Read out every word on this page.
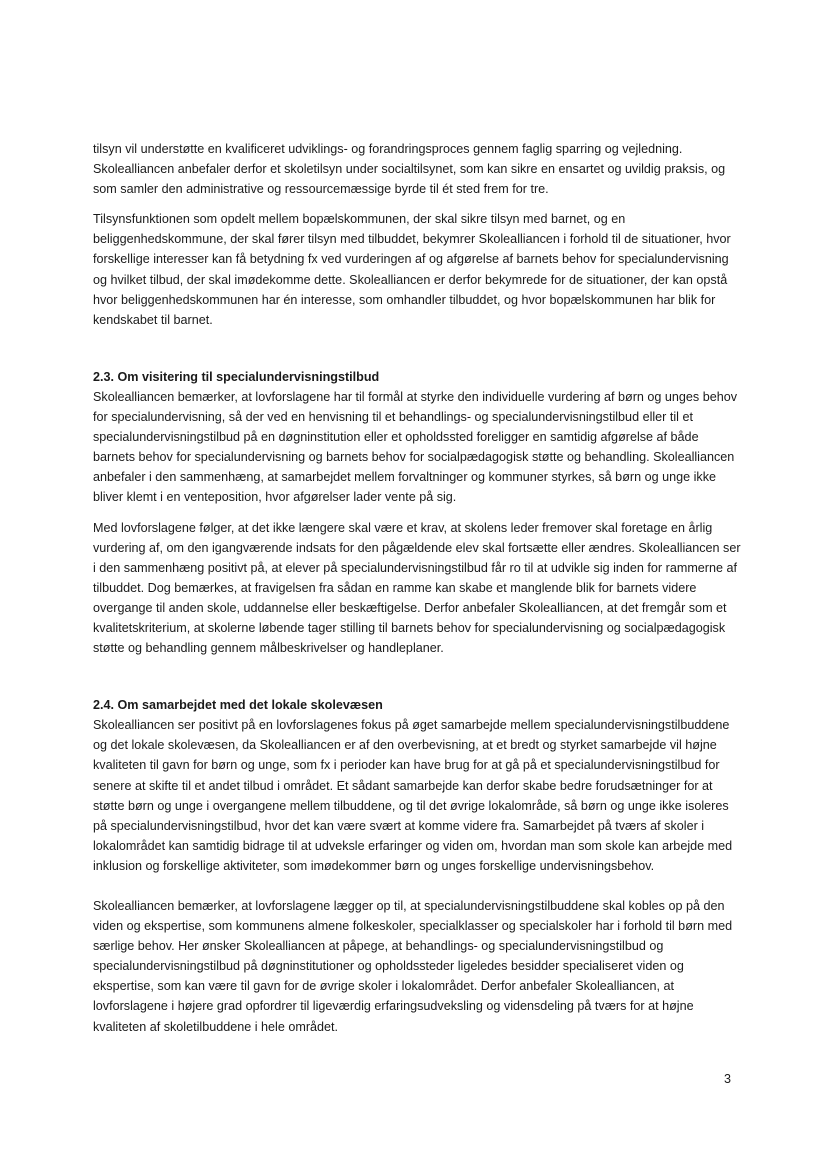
tilsyn vil understøtte en kvalificeret udviklings- og forandringsproces gennem faglig sparring og vejledning. Skolealliancen anbefaler derfor et skoletilsyn under socialtilsynet, som kan sikre en ensartet og uvildig praksis, og som samler den administrative og ressourcemæssige byrde til ét sted frem for tre.

Tilsynsfunktionen som opdelt mellem bopælskommunen, der skal sikre tilsyn med barnet, og en beliggenhedskommune, der skal fører tilsyn med tilbuddet, bekymrer Skolealliancen i forhold til de situationer, hvor forskellige interesser kan få betydning fx ved vurderingen af og afgørelse af barnets behov for specialundervisning og hvilket tilbud, der skal imødekomme dette. Skolealliancen er derfor bekymrede for de situationer, der kan opstå hvor beliggenhedskommunen har én interesse, som omhandler tilbuddet, og hvor bopælskommunen har blik for kendskabet til barnet.

2.3. Om visitering til specialundervisningstilbud

Skolealliancen bemærker, at lovforslagene har til formål at styrke den individuelle vurdering af børn og unges behov for specialundervisning, så der ved en henvisning til et behandlings- og specialundervisningstilbud eller til et specialundervisningstilbud på en døgninstitution eller et opholdssted foreligger en samtidig afgørelse af både barnets behov for specialundervisning og barnets behov for socialpædagogisk støtte og behandling. Skolealliancen anbefaler i den sammenhæng, at samarbejdet mellem forvaltninger og kommuner styrkes, så børn og unge ikke bliver klemt i en venteposition, hvor afgørelser lader vente på sig.

Med lovforslagene følger, at det ikke længere skal være et krav, at skolens leder fremover skal foretage en årlig vurdering af, om den igangværende indsats for den pågældende elev skal fortsætte eller ændres. Skolealliancen ser i den sammenhæng positivt på, at elever på specialundervisningstilbud får ro til at udvikle sig inden for rammerne af tilbuddet. Dog bemærkes, at fravigelsen fra sådan en ramme kan skabe et manglende blik for barnets videre overgange til anden skole, uddannelse eller beskæftigelse. Derfor anbefaler Skolealliancen, at det fremgår som et kvalitetskriterium, at skolerne løbende tager stilling til barnets behov for specialundervisning og socialpædagogisk støtte og behandling gennem målbeskrivelser og handleplaner.

2.4. Om samarbejdet med det lokale skolevæsen

Skolealliancen ser positivt på en lovforslagenes fokus på øget samarbejde mellem specialundervisningstilbuddene og det lokale skolevæsen, da Skolealliancen er af den overbevisning, at et bredt og styrket samarbejde vil højne kvaliteten til gavn for børn og unge, som fx i perioder kan have brug for at gå på et specialundervisningstilbud for senere at skifte til et andet tilbud i området. Et sådant samarbejde kan derfor skabe bedre forudsætninger for at støtte børn og unge i overgangene mellem tilbuddene, og til det øvrige lokalområde, så børn og unge ikke isoleres på specialundervisningstilbud, hvor det kan være svært at komme videre fra. Samarbejdet på tværs af skoler i lokalområdet kan samtidig bidrage til at udveksle erfaringer og viden om, hvordan man som skole kan arbejde med inklusion og forskellige aktiviteter, som imødekommer børn og unges forskellige undervisningsbehov.

Skolealliancen bemærker, at lovforslagene lægger op til, at specialundervisningstilbuddene skal kobles op på den viden og ekspertise, som kommunens almene folkeskoler, specialklasser og specialskoler har i forhold til børn med særlige behov. Her ønsker Skolealliancen at påpege, at behandlings- og specialundervisningstilbud og specialundervisningstilbud på døgninstitutioner og opholdssteder ligeledes besidder specialiseret viden og ekspertise, som kan være til gavn for de øvrige skoler i lokalområdet. Derfor anbefaler Skolealliancen, at lovforslagene i højere grad opfordrer til ligeværdig erfaringsudveksling og vidensdeling på tværs for at højne kvaliteten af skoletilbuddene i hele området.

3
